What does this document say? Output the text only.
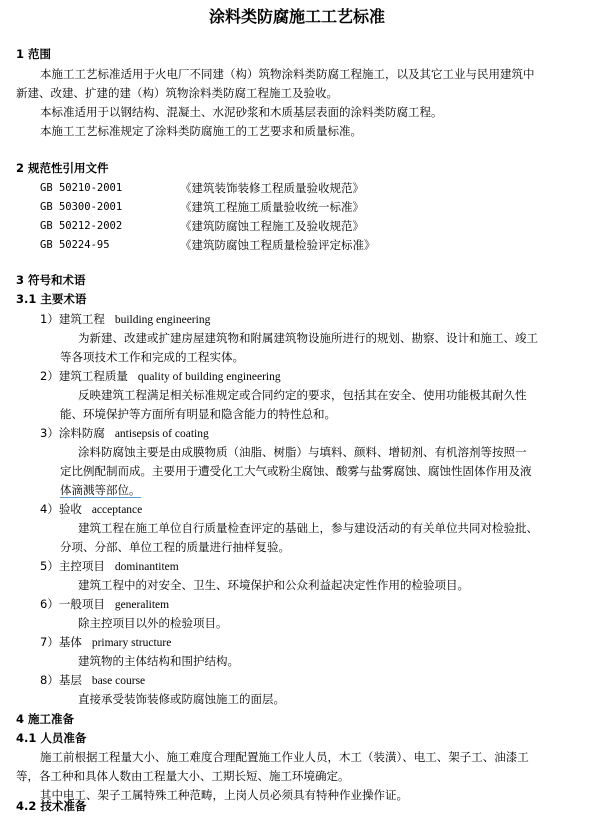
涂料类防腐施工工艺标准
1 范围
本施工工艺标准适用于火电厂不同建（构）筑物涂料类防腐工程施工，以及其它工业与民用建筑中
新建、改建、扩建的建（构）筑物涂料类防腐工程施工及验收。
本标准适用于以钢结构、混凝土、水泥砂浆和木质基层表面的涂料类防腐工程。
本施工工艺标准规定了涂料类防腐施工的工艺要求和质量标准。
2 规范性引用文件
GB 50210-2001	《建筑装饰装修工程质量验收规范》
GB 50300-2001	《建筑工程施工质量验收统一标准》
GB 50212-2002	《建筑防腐蚀工程施工及验收规范》
GB 50224-95	《建筑防腐蚀工程质量检验评定标准》
3 符号和术语
3.1 主要术语
1）建筑工程 building engineering
为新建、改建或扩建房屋建筑物和附属建筑物设施所进行的规划、勘察、设计和施工、竣工
等各项技术工作和完成的工程实体。
2）建筑工程质量 quality of building engineering
反映建筑工程满足相关标准规定或合同约定的要求，包括其在安全、使用功能极其耐久性
能、环境保护等方面所有明显和隐含能力的特性总和。
3）涂料防腐 antisepsis of coating
涂料防腐蚀主要是由成膜物质（油脂、树脂）与填料、颜料、增韧剂、有机溶剂等按照一
定比例配制而成。主要用于遭受化工大气或粉尘腐蚀、酸雾与盐雾腐蚀、腐蚀性固体作用及液
体滴溅等部位。
4）验收 acceptance
建筑工程在施工单位自行质量检查评定的基础上，参与建设活动的有关单位共同对检验批、
分项、分部、单位工程的质量进行抽样复验。
5）主控项目 dominantitem
建筑工程中的对安全、卫生、环境保护和公众利益起决定性作用的检验项目。
6）一般项目 generalitem
除主控项目以外的检验项目。
7）基体 primary structure
建筑物的主体结构和围护结构。
8）基层 base course
直接承受装饰装修或防腐蚀施工的面层。
4 施工准备
4.1 人员准备
施工前根据工程量大小、施工难度合理配置施工作业人员，木工（装潢）、电工、架子工、油漆工
等，各工种和具体人数由工程量大小、工期长短、施工环境确定。
其中电工、架子工属特殊工种范畴，上岗人员必须具有特种作业操作证。
4.2 技术准备
